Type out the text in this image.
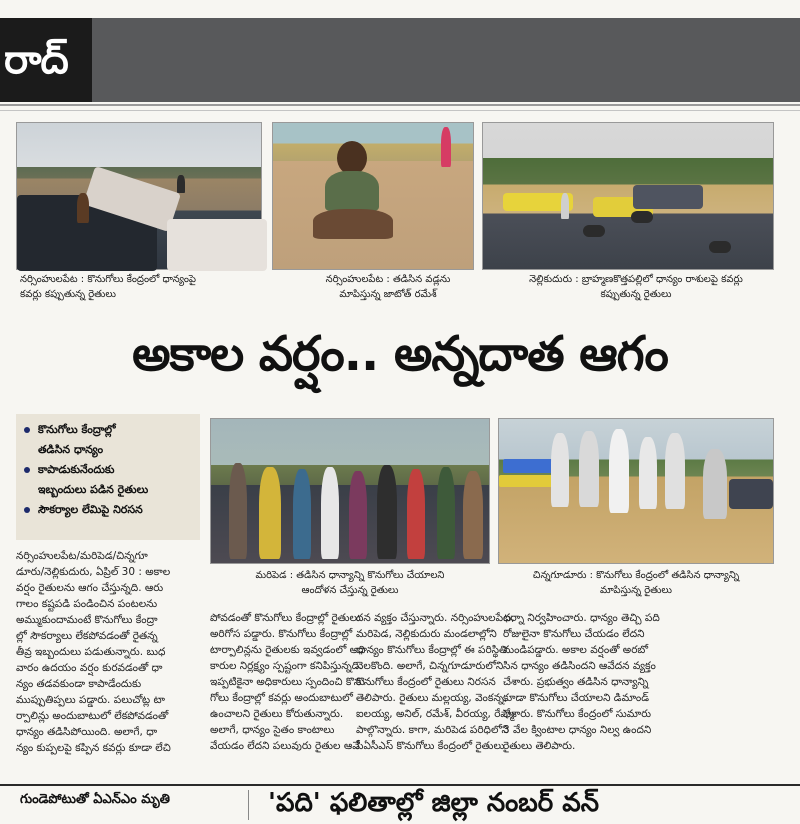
రాద్

నర్సింహులపేట : కొనుగోలు కేంద్రంలో ధాన్యంపై

కవర్లు కప్పుతున్న రైతులు

నర్సింహులపేట : తడిసిన వడ్లను

మాపిస్తున్న జాటోత్ రమేశ్

నెల్లికుదురు : బ్రాహ్మణకొత్తపల్లిలో ధాన్యం రాశులపై కవర్లు

కప్పుతున్న రైతులు

అకాల వర్షం.. అన్నదాత ఆగం
కొనుగోలు కేంద్రాల్లో
తడిసిన ధాన్యం
కాపాడుకునేందుకు
ఇబ్బందులు పడిన రైతులు
సౌకర్యాల లేమిపై నిరసన

మరిపెడ : తడిసిన ధాన్యాన్ని కొనుగోలు చేయాలని

ఆందోళన చేస్తున్న రైతులు

చిన్నగూడూరు : కొనుగోలు కేంద్రంలో తడిసిన ధాన్యాన్ని

మాపిస్తున్న రైతులు

నర్సింహులపేట/మరిపెడ/చిన్నగూ

డూరు/నెల్లికుదురు, ఏప్రిల్ 30 : అకాల

వర్షం రైతులను ఆగం చేస్తున్నది. ఆరు

గాలం కష్టపడి పండించిన పంటలను

అమ్ముకుందామంటే కొనుగోలు కేంద్రా

ల్లో సౌకర్యాలు లేకపోవడంతో రైతన్న

తీవ్ర ఇబ్బందులు పడుతున్నారు. బుధ

వారం ఉదయం వర్షం కురవడంతో ధా

న్యం తడవకుండా కాపాడేందుకు

ముప్పుతిప్పలు పడ్డారు. పలుచోట్ల టా

ర్పాలిన్లు అందుబాటులో లేకపోవడంతో

ధాన్యం తడిసిపోయింది. అలాగే, ధా

న్యం కుప్పలపై కప్పిన కవర్లు కూడా లేచి

పోవడంతో కొనుగోలు కేంద్రాల్లో రైతులు

అరిగోస పడ్డారు. కొనుగోలు కేంద్రాల్లో

టార్పాలిన్లను రైతులకు ఇవ్వడంలో అధి

కారుల నిర్లక్ష్యం స్పష్టంగా కనిపిస్తున్నది.

ఇప్పటికైనా అధికారులు స్పందించి కొను

గోలు కేంద్రాల్లో కవర్లు అందుబాటులో

ఉంచాలని రైతులు కోరుతున్నారు.

అలాగే, ధాన్యం సైతం కాంటాలు

వేయడం లేదని పలువురు రైతుల ఆవే

దన వ్యక్తం చేస్తున్నారు. నర్సింహులపేట,

మరిపెడ, నెల్లికుదురు మండలాల్లోని

ధాన్యం కొనుగోలు కేంద్రాల్లో ఈ పరిస్థితి

నెలకొంది. అలాగే, చిన్నగూడూరులోని

కొనుగోలు కేంద్రంలో రైతులు నిరసన

తెలిపారు. రైతులు మల్లయ్య, వెంకన్న,

ఐలయ్య, అనిల్, రమేశ్, వీరయ్య, రేష్మా

పాల్గొన్నారు. కాగా, మరిపెడ పరిధిలోని

పీఏసీఎస్ కొనుగోలు కేంద్రంలో రైతులు

ధర్నా నిర్వహించారు. ధాన్యం తెచ్చి పది

రోజులైనా కొనుగోలు చేయడం లేదని

మండిపడ్డారు. అకాల వర్షంతో అరబో

సిన ధాన్యం తడిసిందని ఆవేదన వ్యక్తం

చేశారు. ప్రభుత్వం తడిసిన ధాన్యాన్ని

కూడా కొనుగోలు చేయాలని డిమాండ్

చేశారు. కొనుగోలు కేంద్రంలో సుమారు

3 వేల క్వింటాల ధాన్యం నిల్వ ఉందని

రైతులు తెలిపారు.

గుండెపోటుతో ఏఎన్ఎం మృతి	'పది' ఫలితాల్లో జిల్లా నంబర్ వన్
